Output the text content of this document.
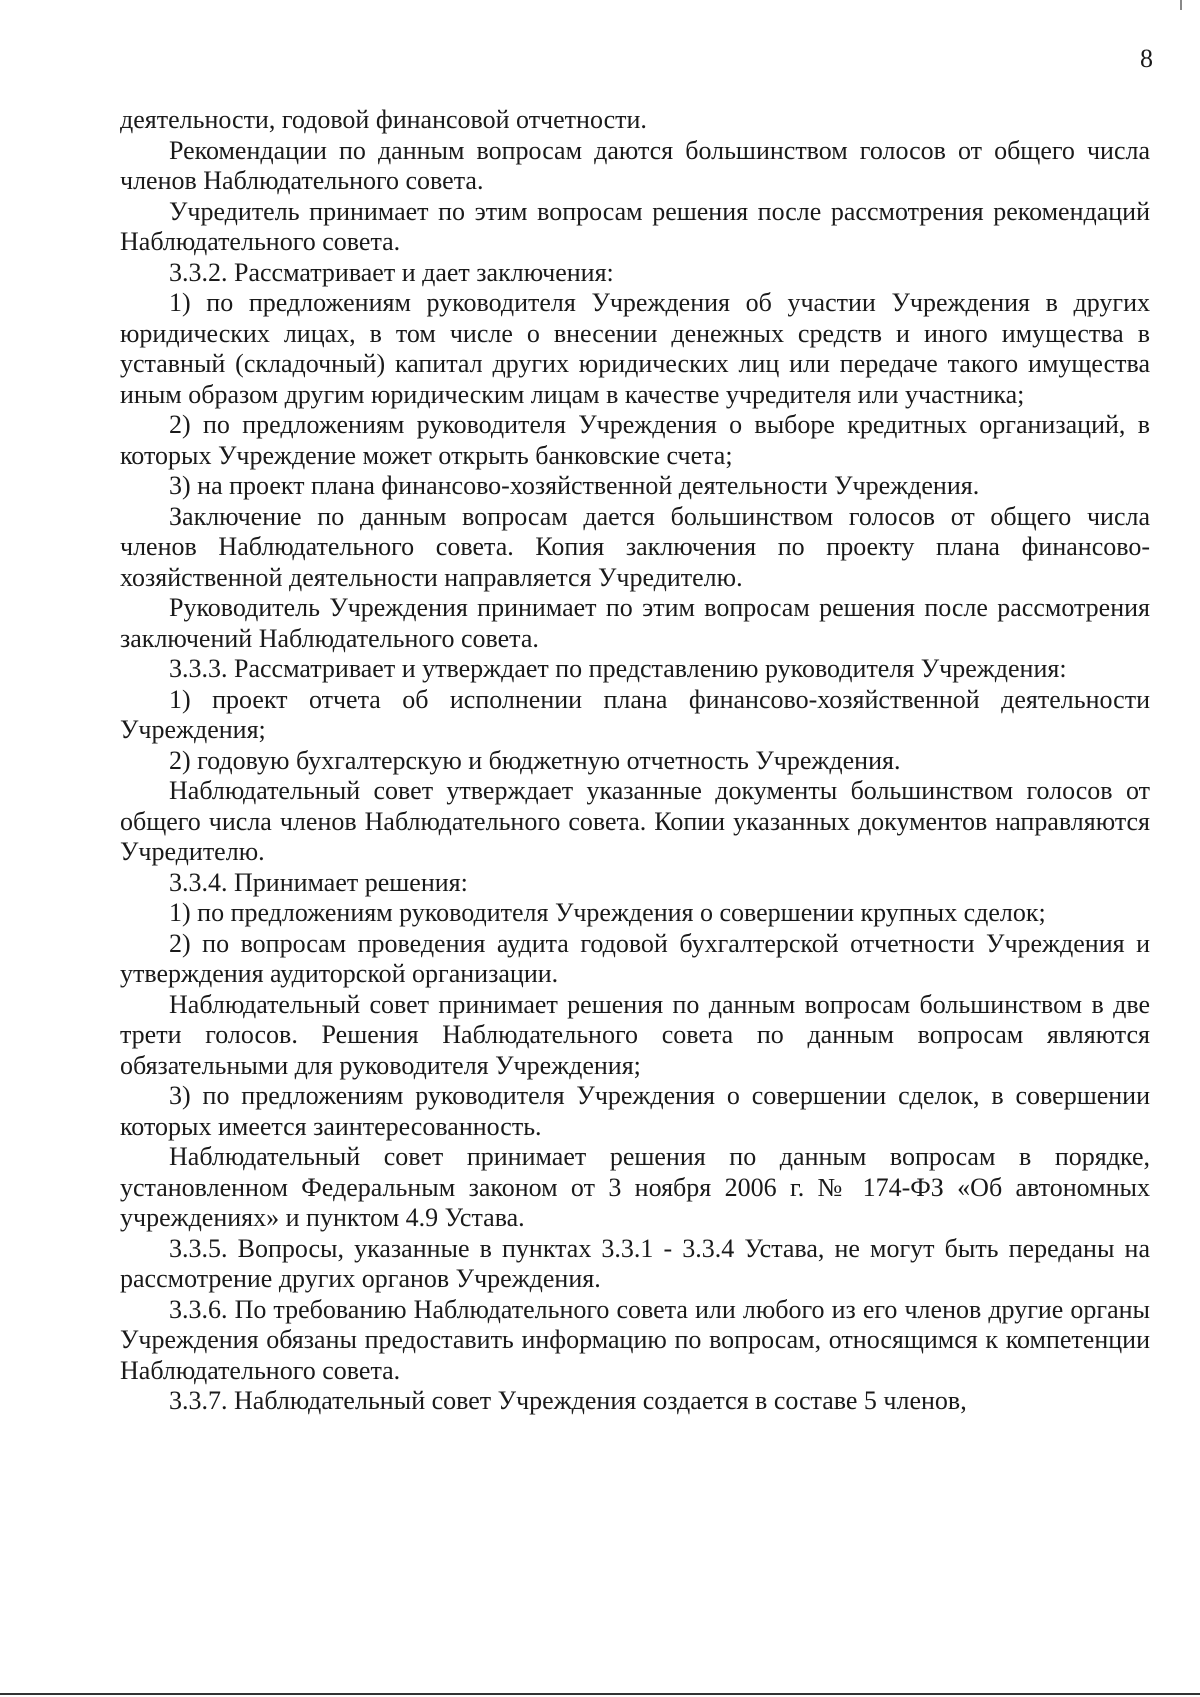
8

деятельности, годовой финансовой отчетности.

Рекомендации по данным вопросам даются большинством голосов от общего числа членов Наблюдательного совета.

Учредитель принимает по этим вопросам решения после рассмотрения рекомендаций Наблюдательного совета.

3.3.2. Рассматривает и дает заключения:

1) по предложениям руководителя Учреждения об участии Учреждения в других юридических лицах, в том числе о внесении денежных средств и иного имущества в уставный (складочный) капитал других юридических лиц или передаче такого имущества иным образом другим юридическим лицам в качестве учредителя или участника;

2) по предложениям руководителя Учреждения о выборе кредитных организаций, в которых Учреждение может открыть банковские счета;

3) на проект плана финансово-хозяйственной деятельности Учреждения.

Заключение по данным вопросам дается большинством голосов от общего числа членов Наблюдательного совета. Копия заключения по проекту плана финансово-хозяйственной деятельности направляется Учредителю.

Руководитель Учреждения принимает по этим вопросам решения после рассмотрения заключений Наблюдательного совета.

3.3.3. Рассматривает и утверждает по представлению руководителя Учреждения:

1) проект отчета об исполнении плана финансово-хозяйственной деятельности Учреждения;

2) годовую бухгалтерскую и бюджетную отчетность Учреждения.

Наблюдательный совет утверждает указанные документы большинством голосов от общего числа членов Наблюдательного совета. Копии указанных документов направляются Учредителю.

3.3.4. Принимает решения:

1) по предложениям руководителя Учреждения о совершении крупных сделок;

2) по вопросам проведения аудита годовой бухгалтерской отчетности Учреждения и утверждения аудиторской организации.

Наблюдательный совет принимает решения по данным вопросам большинством в две трети голосов. Решения Наблюдательного совета по данным вопросам являются обязательными для руководителя Учреждения;

3) по предложениям руководителя Учреждения о совершении сделок, в совершении которых имеется заинтересованность.

Наблюдательный совет принимает решения по данным вопросам в порядке, установленном Федеральным законом от 3 ноября 2006 г. № 174-ФЗ «Об автономных учреждениях» и пунктом 4.9 Устава.

3.3.5. Вопросы, указанные в пунктах 3.3.1 - 3.3.4 Устава, не могут быть переданы на рассмотрение других органов Учреждения.

3.3.6. По требованию Наблюдательного совета или любого из его членов другие органы Учреждения обязаны предоставить информацию по вопросам, относящимся к компетенции Наблюдательного совета.

3.3.7. Наблюдательный совет Учреждения создается в составе 5 членов,
